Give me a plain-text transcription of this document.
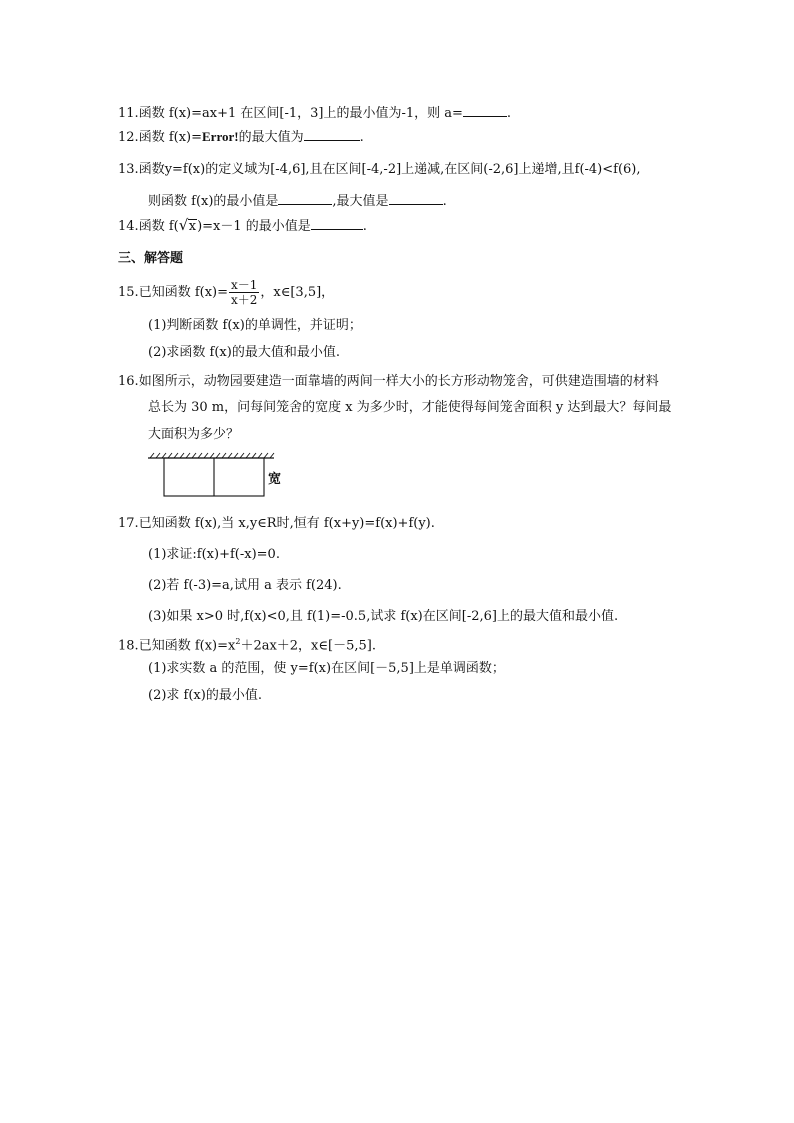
11.函数 f(x)=ax+1 在区间[-1，3]上的最小值为-1，则 a=	.
12.函数 f(x)=Error!的最大值为	.
13.函数y=f(x)的定义域为[-4,6],且在区间[-4,-2]上递减,在区间(-2,6]上递增,且f(-4)<f(6),
则函数 f(x)的最小值是	,最大值是	.
14.函数 f( √ x)=x－1 的最小值是	.
三、解答题
15.已知函数 $f(x)= \frac{x-1}{x+2}$ ，x∈[3,5]，
(1)判断函数 f(x)的单调性，并证明；
(2)求函数 f(x)的最大值和最小值.
16.如图所示，动物园要建造一面靠墙的两间一样大小的长方形动物笼舍，可供建造围墙的材料
总长为 30 m，问每间笼舍的宽度 x 为多少时，才能使得每间笼舍面积 y 达到最大？每间最
大面积为多少？
宽
17.已知函数 f(x),当 x,y∈R时,恒有 f(x+y)=f(x)+f(y).
(1)求证:f(x)+f(-x)=0.
(2)若 f(-3)=a,试用 a 表示 f(24).
(3)如果 x>0 时,f(x)<0,且 f(1)=-0.5,试求 f(x)在区间[-2,6]上的最大值和最小值.
18.已知函数 $f(x)=x^2+2ax+2$，x∈[－5,5].
(1)求实数 a 的范围，使 y=f(x)在区间[－5,5]上是单调函数；
(2)求 f(x)的最小值.
